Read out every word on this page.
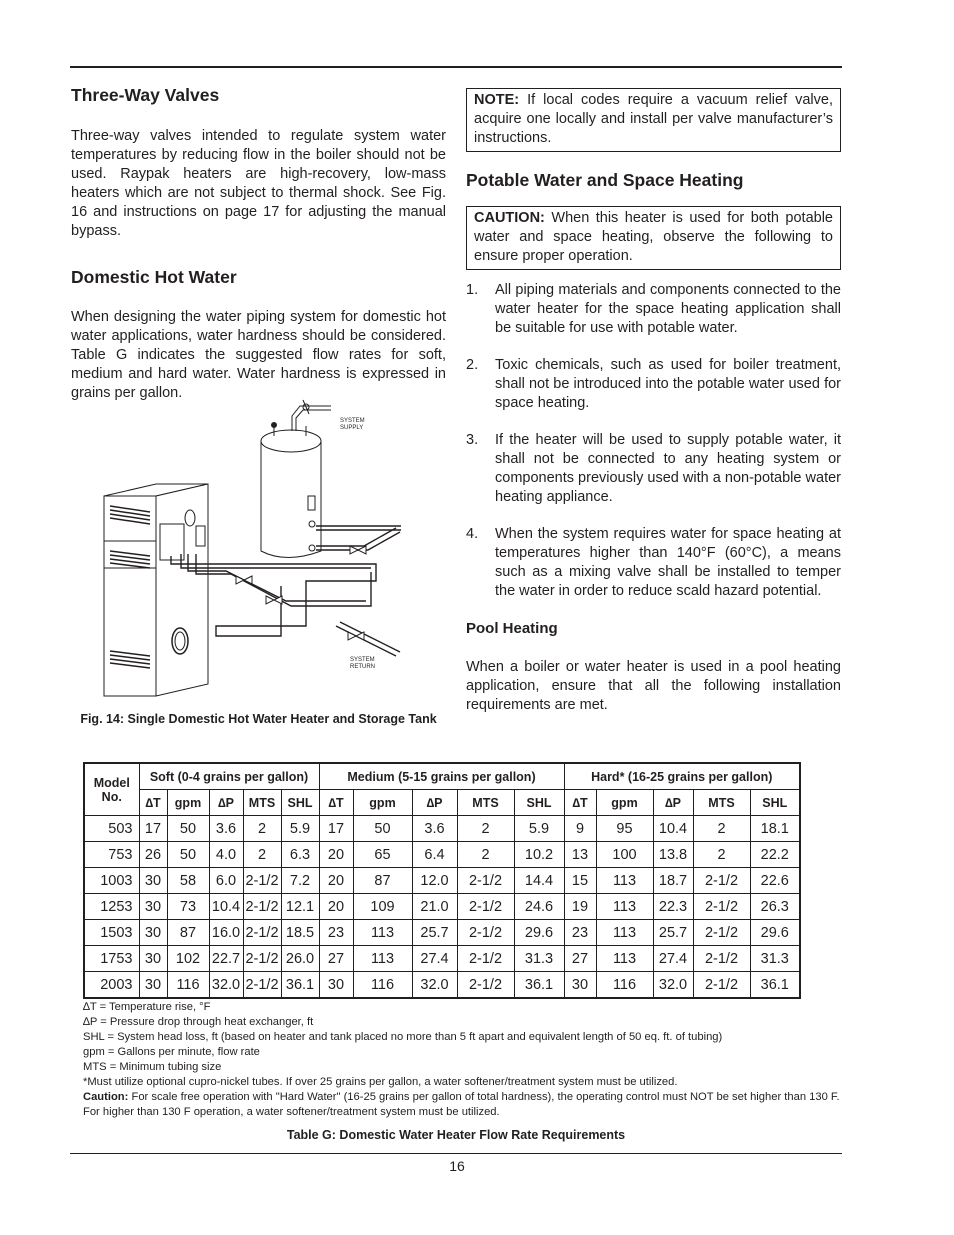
Three-Way Valves

Three-way valves intended to regulate system water temperatures by reducing flow in the boiler should not be used. Raypak heaters are high-recovery, low-mass heaters which are not subject to thermal shock. See Fig. 16 and instructions on page 17 for adjusting the manual bypass.

Domestic Hot Water

When designing the water piping system for domestic hot water applications, water hardness should be considered. Table G indicates the suggested flow rates for soft, medium and hard water. Water hardness is expressed in grains per gallon.

SYSTEM
SUPPLY
SYSTEM
RETURN
Fig. 14: Single Domestic Hot Water Heater and Storage Tank
NOTE: If local codes require a vacuum relief valve, acquire one locally and install per valve manufacturer’s instructions.
Potable Water and Space Heating
CAUTION: When this heater is used for both potable water and space heating, observe the following to ensure proper operation.
1. All piping materials and components connected to the water heater for the space heating application shall be suitable for use with potable water.
2. Toxic chemicals, such as used for boiler treatment, shall not be introduced into the potable water used for space heating.
3. If the heater will be used to supply potable water, it shall not be connected to any heating system or components previously used with a non-potable water heating appliance.
4. When the system requires water for space heating at temperatures higher than 140°F (60°C), a means such as a mixing valve shall be installed to temper the water in order to reduce scald hazard potential.
Pool Heating

When a boiler or water heater is used in a pool heating application, ensure that all the following installation requirements are met.

Model No.	Soft (0-4 grains per gallon)					Medium (5-15 grains per gallon)					Hard* (16-25 grains per gallon)				
	∆T	gpm	∆P	MTS	SHL	∆T	gpm	∆P	MTS	SHL	∆T	gpm	∆P	MTS	SHL
503	17	50	3.6	2	5.9	17	50	3.6	2	5.9	9	95	10.4	2	18.1
753	26	50	4.0	2	6.3	20	65	6.4	2	10.2	13	100	13.8	2	22.2
1003	30	58	6.0	2-1/2	7.2	20	87	12.0	2-1/2	14.4	15	113	18.7	2-1/2	22.6
1253	30	73	10.4	2-1/2	12.1	20	109	21.0	2-1/2	24.6	19	113	22.3	2-1/2	26.3
1503	30	87	16.0	2-1/2	18.5	23	113	25.7	2-1/2	29.6	23	113	25.7	2-1/2	29.6
1753	30	102	22.7	2-1/2	26.0	27	113	27.4	2-1/2	31.3	27	113	27.4	2-1/2	31.3
2003	30	116	32.0	2-1/2	36.1	30	116	32.0	2-1/2	36.1	30	116	32.0	2-1/2	36.1
∆T = Temperature rise, °F
∆P = Pressure drop through heat exchanger, ft
SHL = System head loss, ft (based on heater and tank placed no more than 5 ft apart and equivalent length of 50 eq. ft. of tubing)
gpm = Gallons per minute, flow rate
MTS = Minimum tubing size
*Must utilize optional cupro-nickel tubes. If over 25 grains per gallon, a water softener/treatment system must be utilized.
Caution: For scale free operation with "Hard Water" (16-25 grains per gallon of total hardness), the operating control must NOT be set higher than 130 F. For higher than 130 F operation, a water softener/treatment system must be utilized.
Table G: Domestic Water Heater Flow Rate Requirements
16
